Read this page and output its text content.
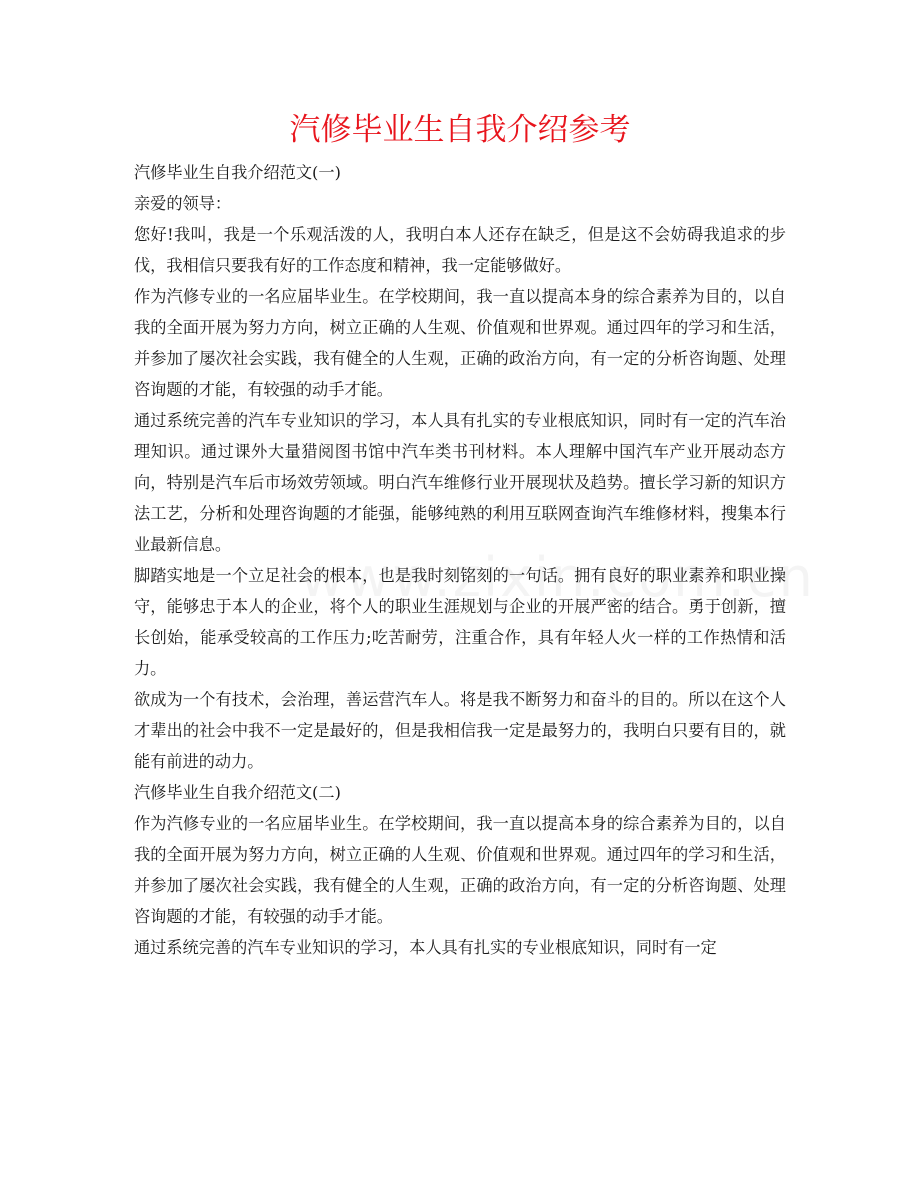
汽修毕业生自我介绍参考

汽修毕业生自我介绍范文(一)

亲爱的领导：

您好!我叫，我是一个乐观活泼的人，我明白本人还存在缺乏，但是这不会妨碍我追求的步伐，我相信只要我有好的工作态度和精神，我一定能够做好。

作为汽修专业的一名应届毕业生。在学校期间，我一直以提高本身的综合素养为目的，以自我的全面开展为努力方向，树立正确的人生观、价值观和世界观。通过四年的学习和生活，并参加了屡次社会实践，我有健全的人生观，正确的政治方向，有一定的分析咨询题、处理咨询题的才能，有较强的动手才能。

通过系统完善的汽车专业知识的学习，本人具有扎实的专业根底知识，同时有一定的汽车治理知识。通过课外大量猎阅图书馆中汽车类书刊材料。本人理解中国汽车产业开展动态方向，特别是汽车后市场效劳领域。明白汽车维修行业开展现状及趋势。擅长学习新的知识方法工艺，分析和处理咨询题的才能强，能够纯熟的利用互联网查询汽车维修材料，搜集本行业最新信息。

脚踏实地是一个立足社会的根本，也是我时刻铭刻的一句话。拥有良好的职业素养和职业操守，能够忠于本人的企业，将个人的职业生涯规划与企业的开展严密的结合。勇于创新，擅长创始，能承受较高的工作压力;吃苦耐劳，注重合作，具有年轻人火一样的工作热情和活力。

欲成为一个有技术，会治理，善运营汽车人。将是我不断努力和奋斗的目的。所以在这个人才辈出的社会中我不一定是最好的，但是我相信我一定是最努力的，我明白只要有目的，就能有前进的动力。

汽修毕业生自我介绍范文(二)

作为汽修专业的一名应届毕业生。在学校期间，我一直以提高本身的综合素养为目的，以自我的全面开展为努力方向，树立正确的人生观、价值观和世界观。通过四年的学习和生活，并参加了屡次社会实践，我有健全的人生观，正确的政治方向，有一定的分析咨询题、处理咨询题的才能，有较强的动手才能。

通过系统完善的汽车专业知识的学习，本人具有扎实的专业根底知识，同时有一定
